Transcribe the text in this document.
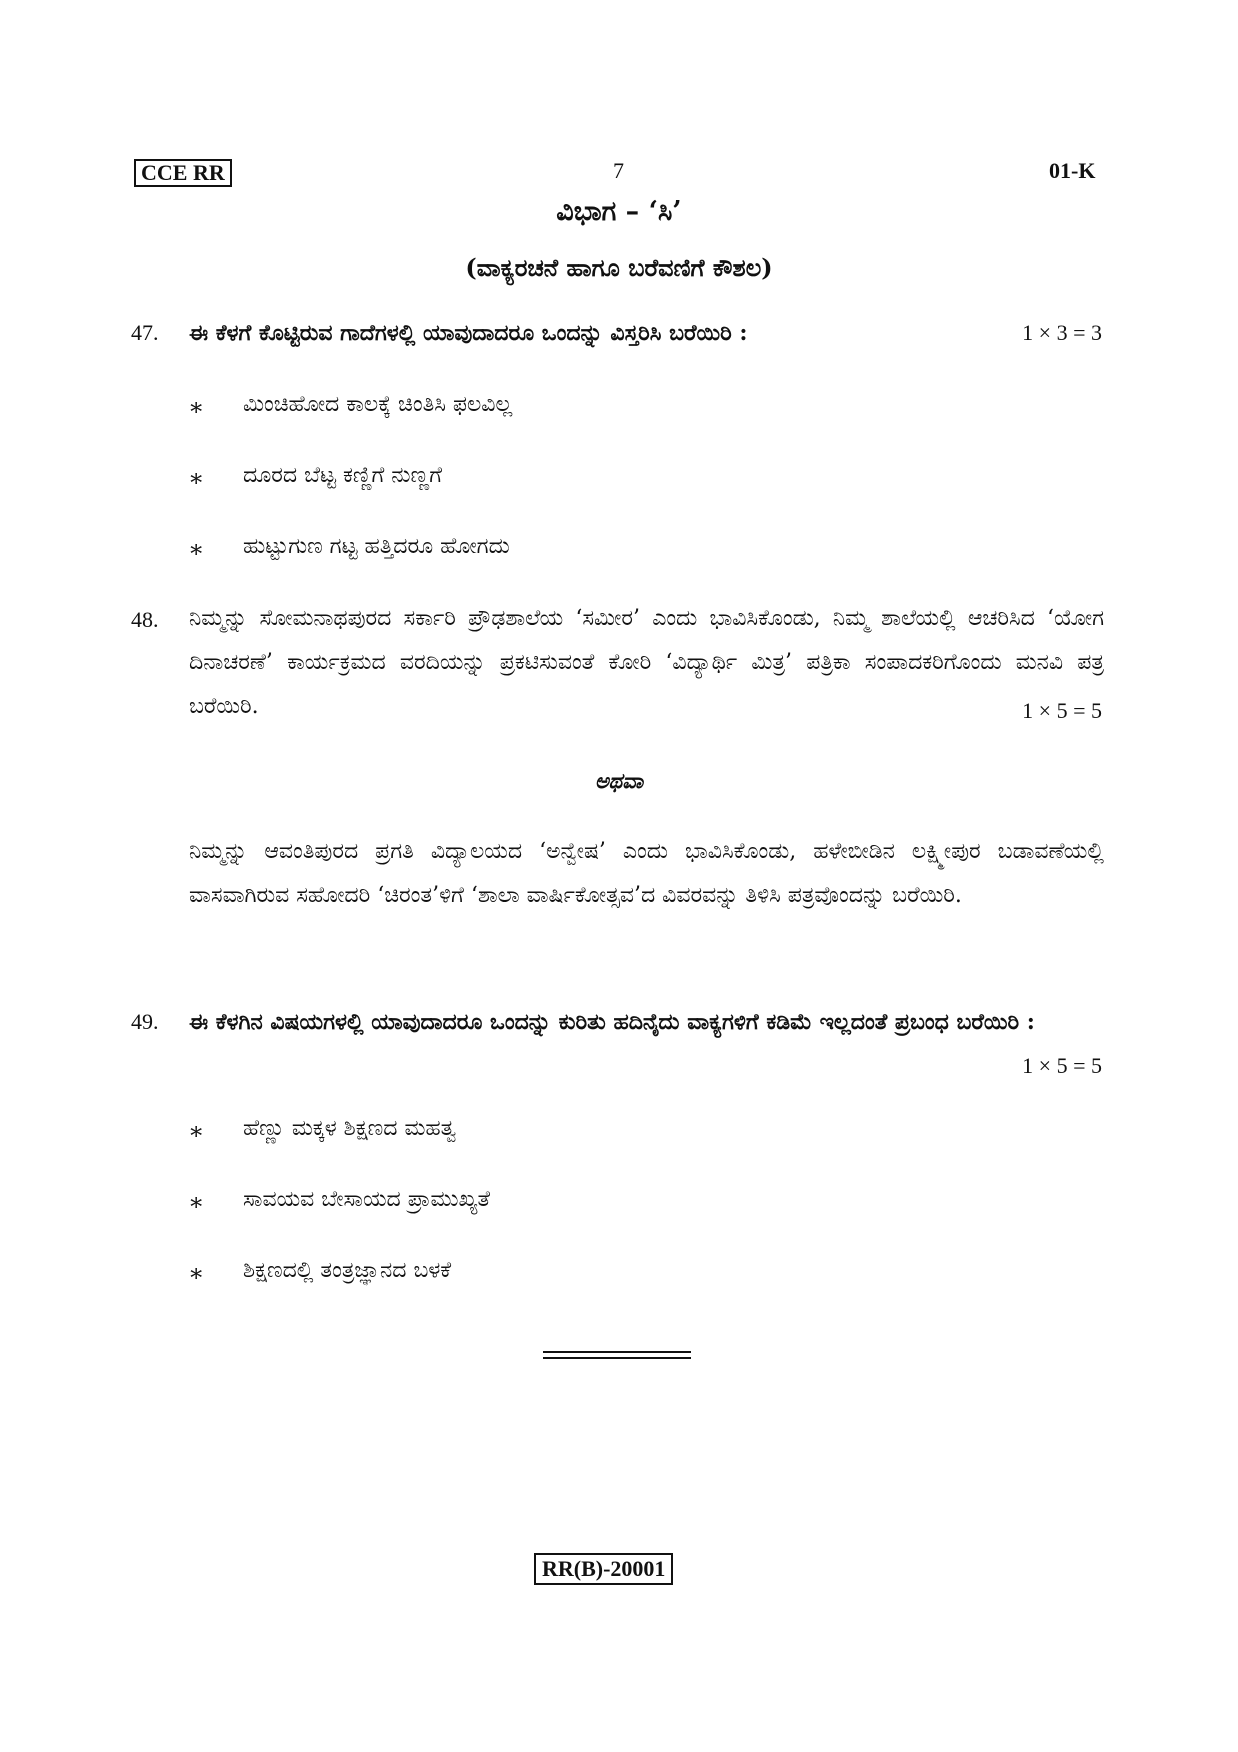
CCE RR	7	01-K
ವಿಭಾಗ – ‘ಸಿ’
(ವಾಕ್ಯರಚನೆ ಹಾಗೂ ಬರೆವಣಿಗೆ ಕೌಶಲ)
47. ಈ ಕೆಳಗೆ ಕೊಟ್ಟಿರುವ ಗಾದೆಗಳಲ್ಲಿ ಯಾವುದಾದರೂ ಒಂದನ್ನು ವಿಸ್ತರಿಸಿ ಬರೆಯಿರಿ :	1 × 3 = 3
∗ ಮಿಂಚಿಹೋದ ಕಾಲಕ್ಕೆ ಚಿಂತಿಸಿ ಫಲವಿಲ್ಲ
∗ ದೂರದ ಬೆಟ್ಟ ಕಣ್ಣಿಗೆ ನುಣ್ಣಗೆ
∗ ಹುಟ್ಟುಗುಣ ಗಟ್ಟ ಹತ್ತಿದರೂ ಹೋಗದು
48. ನಿಮ್ಮನ್ನು ಸೋಮನಾಥಪುರದ ಸರ್ಕಾರಿ ಪ್ರೌಢಶಾಲೆಯ ‘ಸಮೀರ’ ಎಂದು ಭಾವಿಸಿಕೊಂಡು, ನಿಮ್ಮ ಶಾಲೆಯಲ್ಲಿ ಆಚರಿಸಿದ ‘ಯೋಗ ದಿನಾಚರಣೆ’ ಕಾರ್ಯಕ್ರಮದ ವರದಿಯನ್ನು ಪ್ರಕಟಿಸುವಂತೆ ಕೋರಿ ‘ವಿದ್ಯಾರ್ಥಿ ಮಿತ್ರ’ ಪತ್ರಿಕಾ ಸಂಪಾದಕರಿಗೊಂದು ಮನವಿ ಪತ್ರ ಬರೆಯಿರಿ.	1 × 5 = 5
ಅಥವಾ
ನಿಮ್ಮನ್ನು ಆವಂತಿಪುರದ ಪ್ರಗತಿ ವಿದ್ಯಾಲಯದ ‘ಅನ್ವೇಷ’ ಎಂದು ಭಾವಿಸಿಕೊಂಡು, ಹಳೇಬೀಡಿನ ಲಕ್ಷ್ಮೀಪುರ ಬಡಾವಣೆಯಲ್ಲಿ ವಾಸವಾಗಿರುವ ಸಹೋದರಿ ‘ಚಿರಂತ’ಳಿಗೆ ‘ಶಾಲಾ ವಾರ್ಷಿಕೋತ್ಸವ’ದ ವಿವರವನ್ನು ತಿಳಿಸಿ ಪತ್ರವೊಂದನ್ನು ಬರೆಯಿರಿ.
49. ಈ ಕೆಳಗಿನ ವಿಷಯಗಳಲ್ಲಿ ಯಾವುದಾದರೂ ಒಂದನ್ನು ಕುರಿತು ಹದಿನೈದು ವಾಕ್ಯಗಳಿಗೆ ಕಡಿಮೆ ಇಲ್ಲದಂತೆ ಪ್ರಬಂಧ ಬರೆಯಿರಿ :
1 × 5 = 5
∗ ಹೆಣ್ಣು ಮಕ್ಕಳ ಶಿಕ್ಷಣದ ಮಹತ್ವ
∗ ಸಾವಯವ ಬೇಸಾಯದ ಪ್ರಾಮುಖ್ಯತೆ
∗ ಶಿಕ್ಷಣದಲ್ಲಿ ತಂತ್ರಜ್ಞಾನದ ಬಳಕೆ
RR(B)-20001
